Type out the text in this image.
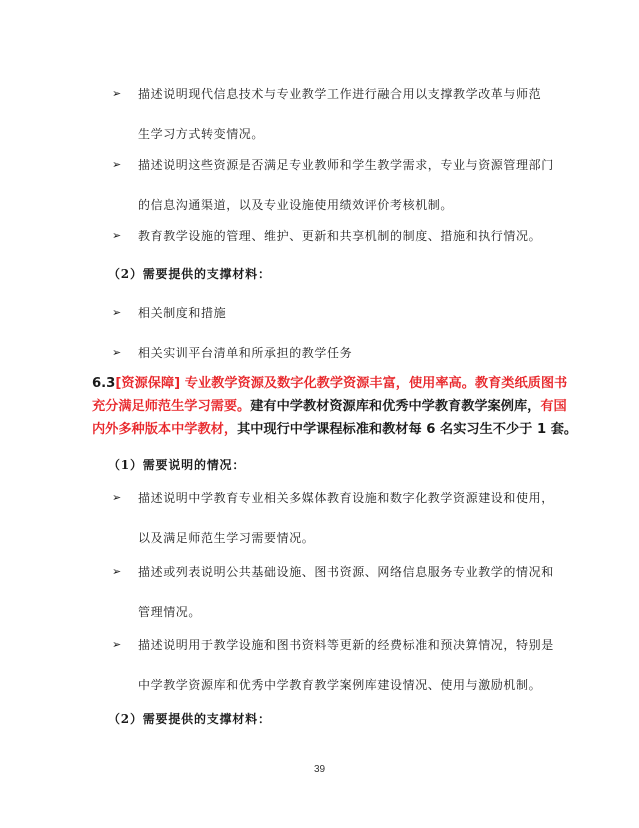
➢	描述说明现代信息技术与专业教学工作进行融合用以支撑教学改革与师范
生学习方式转变情况。
➢	描述说明这些资源是否满足专业教师和学生教学需求，专业与资源管理部门
的信息沟通渠道，以及专业设施使用绩效评价考核机制。
➢	教育教学设施的管理、维护、更新和共享机制的制度、措施和执行情况。
（2）需要提供的支撑材料：
➢	相关制度和措施
➢	相关实训平台清单和所承担的教学任务
6.3[资源保障] 专业教学资源及数字化教学资源丰富，使用率高。教育类纸质图书
充分满足师范生学习需要。建有中学教材资源库和优秀中学教育教学案例库，有国
内外多种版本中学教材，其中现行中学课程标准和教材每 6 名实习生不少于 1 套。
（1）需要说明的情况：
➢	描述说明中学教育专业相关多媒体教育设施和数字化教学资源建设和使用，
以及满足师范生学习需要情况。
➢	描述或列表说明公共基础设施、图书资源、网络信息服务专业教学的情况和
管理情况。
➢	描述说明用于教学设施和图书资料等更新的经费标准和预决算情况，特别是
中学教学资源库和优秀中学教育教学案例库建设情况、使用与激励机制。
（2）需要提供的支撑材料：
39
